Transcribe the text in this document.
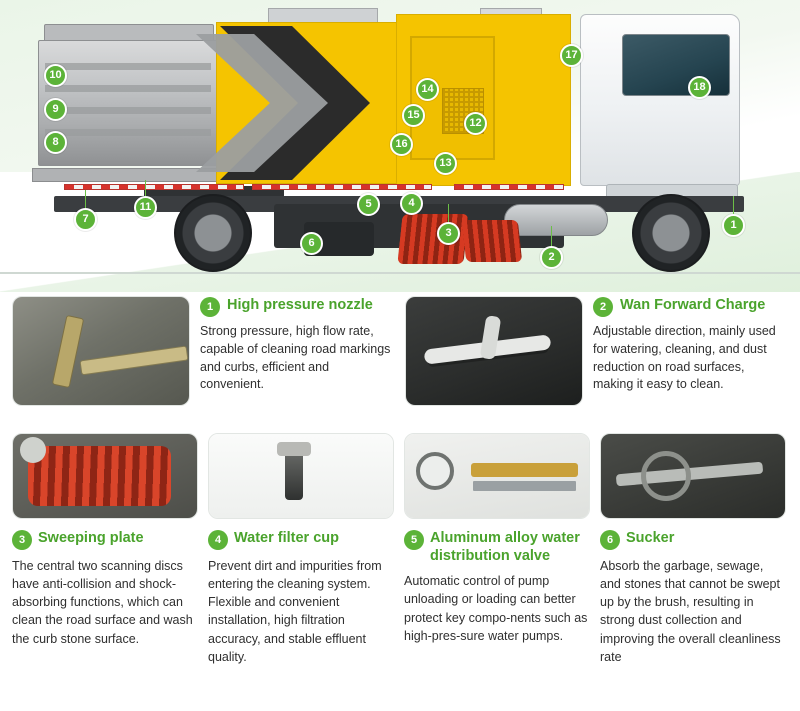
1
2
3
4
5
6
7
8
9
10
11
12
13
14
15
16
17
18
1 High pressure nozzle
Strong pressure, high flow rate, capable of cleaning road markings and curbs, efficient and convenient.
2 Wan Forward Charge
Adjustable direction, mainly used for watering, cleaning, and dust reduction on road surfaces, making it easy to clean.
3 Sweeping plate
The central two scanning discs have anti-collision and shock-absorbing functions, which can clean the road surface and wash the curb stone surface.
4 Water filter cup
Prevent dirt and impurities from entering the cleaning system. Flexible and convenient installation, high filtration accuracy, and stable effluent quality.
5 Aluminum alloy water distribution valve
Automatic control of pump unloading or loading can better protect key compo-nents such as high-pres-sure water pumps.
6 Sucker
Absorb the garbage, sewage, and stones that cannot be swept up by the brush, resulting in strong dust collection and improving the overall cleanliness rate
